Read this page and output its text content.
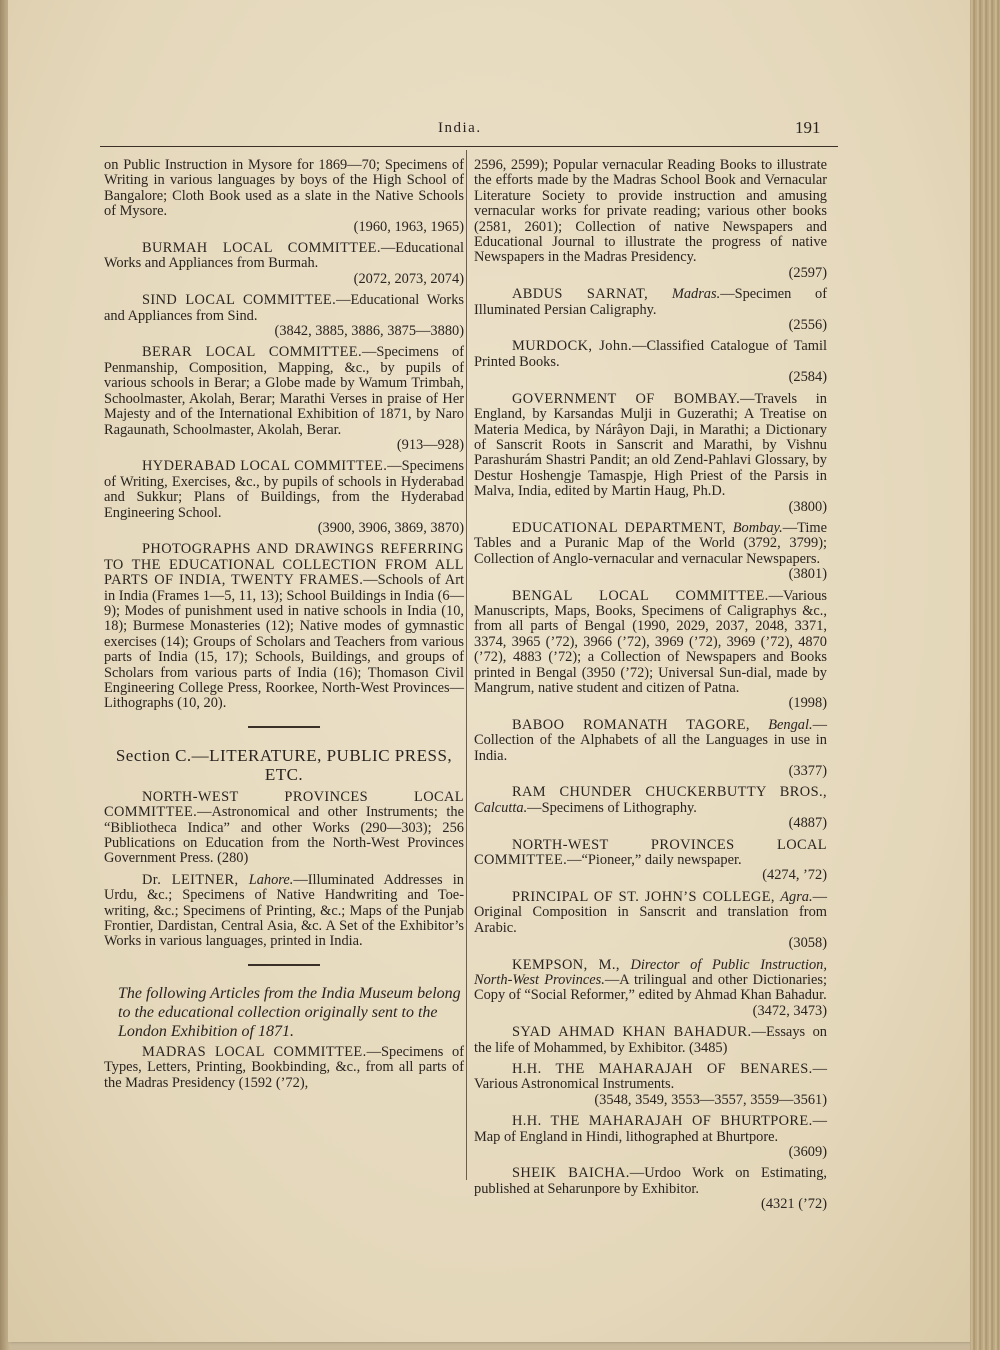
India.	191

on Public Instruction in Mysore for 1869—70; Specimens of Writing in various languages by boys of the High School of Bangalore; Cloth Book used as a slate in the Native Schools of Mysore.

(1960, 1963, 1965)

BURMAH LOCAL COMMITTEE.—Educational Works and Appliances from Burmah.

(2072, 2073, 2074)

SIND LOCAL COMMITTEE.—Educational Works and Appliances from Sind.

(3842, 3885, 3886, 3875—3880)

BERAR LOCAL COMMITTEE.—Specimens of Penmanship, Composition, Mapping, &c., by pupils of various schools in Berar; a Globe made by Wamum Trimbah, Schoolmaster, Akolah, Berar; Marathi Verses in praise of Her Majesty and of the International Exhibition of 1871, by Naro Ragaunath, Schoolmaster, Akolah, Berar.

(913—928)

HYDERABAD LOCAL COMMITTEE.—Specimens of Writing, Exercises, &c., by pupils of schools in Hyderabad and Sukkur; Plans of Buildings, from the Hyderabad Engineering School.

(3900, 3906, 3869, 3870)

PHOTOGRAPHS AND DRAWINGS REFERRING TO THE EDUCATIONAL COLLECTION FROM ALL PARTS OF INDIA, TWENTY FRAMES.—Schools of Art in India (Frames 1—5, 11, 13); School Buildings in India (6—9); Modes of punishment used in native schools in India (10, 18); Burmese Monasteries (12); Native modes of gymnastic exercises (14); Groups of Scholars and Teachers from various parts of India (15, 17); Schools, Buildings, and groups of Scholars from various parts of India (16); Thomason Civil Engineering College Press, Roorkee, North-West Provinces—Lithographs (10, 20).

Section C.—LITERATURE, PUBLIC PRESS, ETC.

NORTH-WEST PROVINCES LOCAL COMMITTEE.—Astronomical and other Instruments; the “Bibliotheca Indica” and other Works (290—303); 256 Publications on Education from the North-West Provinces Government Press. (280)

Dr. LEITNER, Lahore.—Illuminated Addresses in Urdu, &c.; Specimens of Native Handwriting and Toe-writing, &c.; Specimens of Printing, &c.; Maps of the Punjab Frontier, Dardistan, Central Asia, &c. A Set of the Exhibitor’s Works in various languages, printed in India.

The following Articles from the India Museum belong to the educational collection originally sent to the London Exhibition of 1871.

MADRAS LOCAL COMMITTEE.—Specimens of Types, Letters, Printing, Bookbinding, &c., from all parts of the Madras Presidency (1592 (’72),

2596, 2599); Popular vernacular Reading Books to illustrate the efforts made by the Madras School Book and Vernacular Literature Society to provide instruction and amusing vernacular works for private reading; various other books (2581, 2601); Collection of native Newspapers and Educational Journal to illustrate the progress of native Newspapers in the Madras Presidency.

(2597)

ABDUS SARNAT, Madras.—Specimen of Illuminated Persian Caligraphy.

(2556)

MURDOCK, John.—Classified Catalogue of Tamil Printed Books.

(2584)

GOVERNMENT OF BOMBAY.—Travels in England, by Karsandas Mulji in Guzerathi; A Treatise on Materia Medica, by Nárâyon Daji, in Marathi; a Dictionary of Sanscrit Roots in Sanscrit and Marathi, by Vishnu Parashurám Shastri Pandit; an old Zend-Pahlavi Glossary, by Destur Hoshengje Tamaspje, High Priest of the Parsis in Malva, India, edited by Martin Haug, Ph.D.

(3800)

EDUCATIONAL DEPARTMENT, Bombay.—Time Tables and a Puranic Map of the World (3792, 3799); Collection of Anglo-vernacular and vernacular Newspapers.

(3801)

BENGAL LOCAL COMMITTEE.—Various Manuscripts, Maps, Books, Specimens of Caligraphys &c., from all parts of Bengal (1990, 2029, 2037, 2048, 3371, 3374, 3965 (’72), 3966 (’72), 3969 (’72), 3969 (’72), 4870 (’72), 4883 (’72); a Collection of Newspapers and Books printed in Bengal (3950 (’72); Universal Sun-dial, made by Mangrum, native student and citizen of Patna.

(1998)

BABOO ROMANATH TAGORE, Bengal.—Collection of the Alphabets of all the Languages in use in India.

(3377)

RAM CHUNDER CHUCKERBUTTY BROS., Calcutta.—Specimens of Lithography.

(4887)

NORTH-WEST PROVINCES LOCAL COMMITTEE.—“Pioneer,” daily newspaper.

(4274, ’72)

PRINCIPAL OF ST. JOHN’S COLLEGE, Agra.—Original Composition in Sanscrit and translation from Arabic.

(3058)

KEMPSON, M., Director of Public Instruction, North-West Provinces.—A trilingual and other Dictionaries; Copy of “Social Reformer,” edited by Ahmad Khan Bahadur.

(3472, 3473)

SYAD AHMAD KHAN BAHADUR.—Essays on the life of Mohammed, by Exhibitor. (3485)

H.H. THE MAHARAJAH OF BENARES.—Various Astronomical Instruments.

(3548, 3549, 3553—3557, 3559—3561)

H.H. THE MAHARAJAH OF BHURTPORE.—Map of England in Hindi, lithographed at Bhurtpore.

(3609)

SHEIK BAICHA.—Urdoo Work on Estimating, published at Seharunpore by Exhibitor.

(4321 (’72)
